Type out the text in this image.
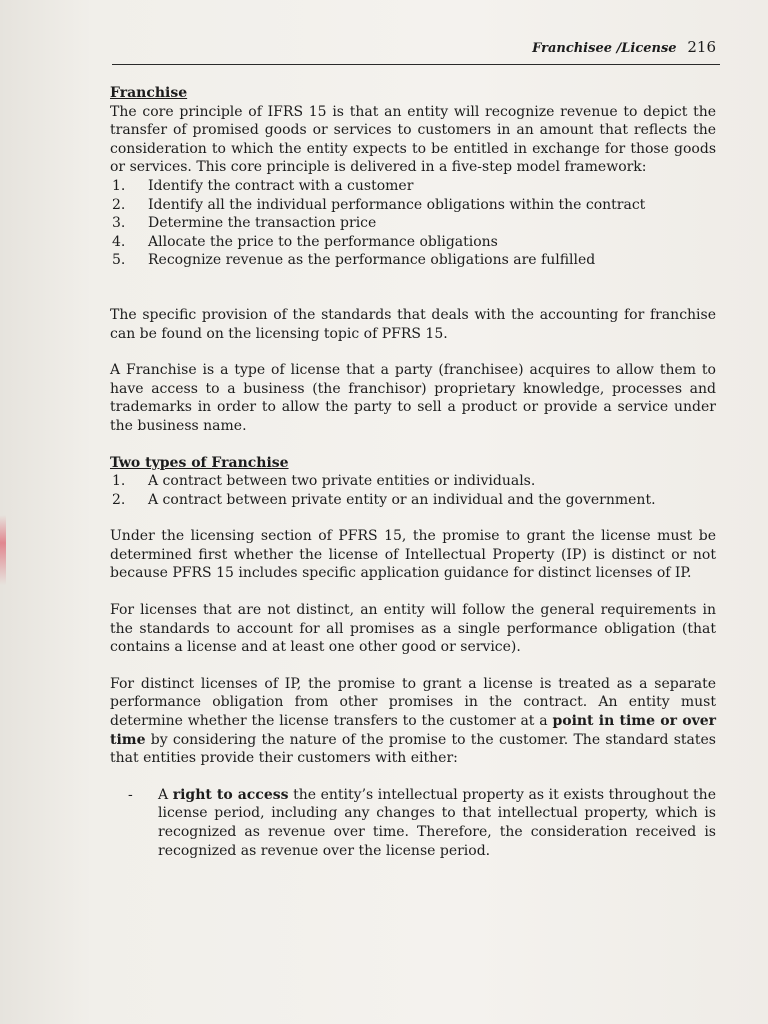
Franchisee /License 216

Franchise

The core principle of IFRS 15 is that an entity will recognize revenue to depict the transfer of promised goods or services to customers in an amount that reflects the consideration to which the entity expects to be entitled in exchange for those goods or services. This core principle is delivered in a five-step model framework:

1.	Identify the contract with a customer
2.	Identify all the individual performance obligations within the contract
3.	Determine the transaction price
4.	Allocate the price to the performance obligations
5.	Recognize revenue as the performance obligations are fulfilled

The specific provision of the standards that deals with the accounting for franchise can be found on the licensing topic of PFRS 15.

A Franchise is a type of license that a party (franchisee) acquires to allow them to have access to a business (the franchisor) proprietary knowledge, processes and trademarks in order to allow the party to sell a product or provide a service under the business name.

Two types of Franchise

1.	A contract between two private entities or individuals.
2.	A contract between private entity or an individual and the government.

Under the licensing section of PFRS 15, the promise to grant the license must be determined first whether the license of Intellectual Property (IP) is distinct or not because PFRS 15 includes specific application guidance for distinct licenses of IP.

For licenses that are not distinct, an entity will follow the general requirements in the standards to account for all promises as a single performance obligation (that contains a license and at least one other good or service).

For distinct licenses of IP, the promise to grant a license is treated as a separate performance obligation from other promises in the contract. An entity must determine whether the license transfers to the customer at a point in time or over time by considering the nature of the promise to the customer. The standard states that entities provide their customers with either:

-	A right to access the entity’s intellectual property as it exists throughout the license period, including any changes to that intellectual property, which is recognized as revenue over time. Therefore, the consideration received is recognized as revenue over the license period.
